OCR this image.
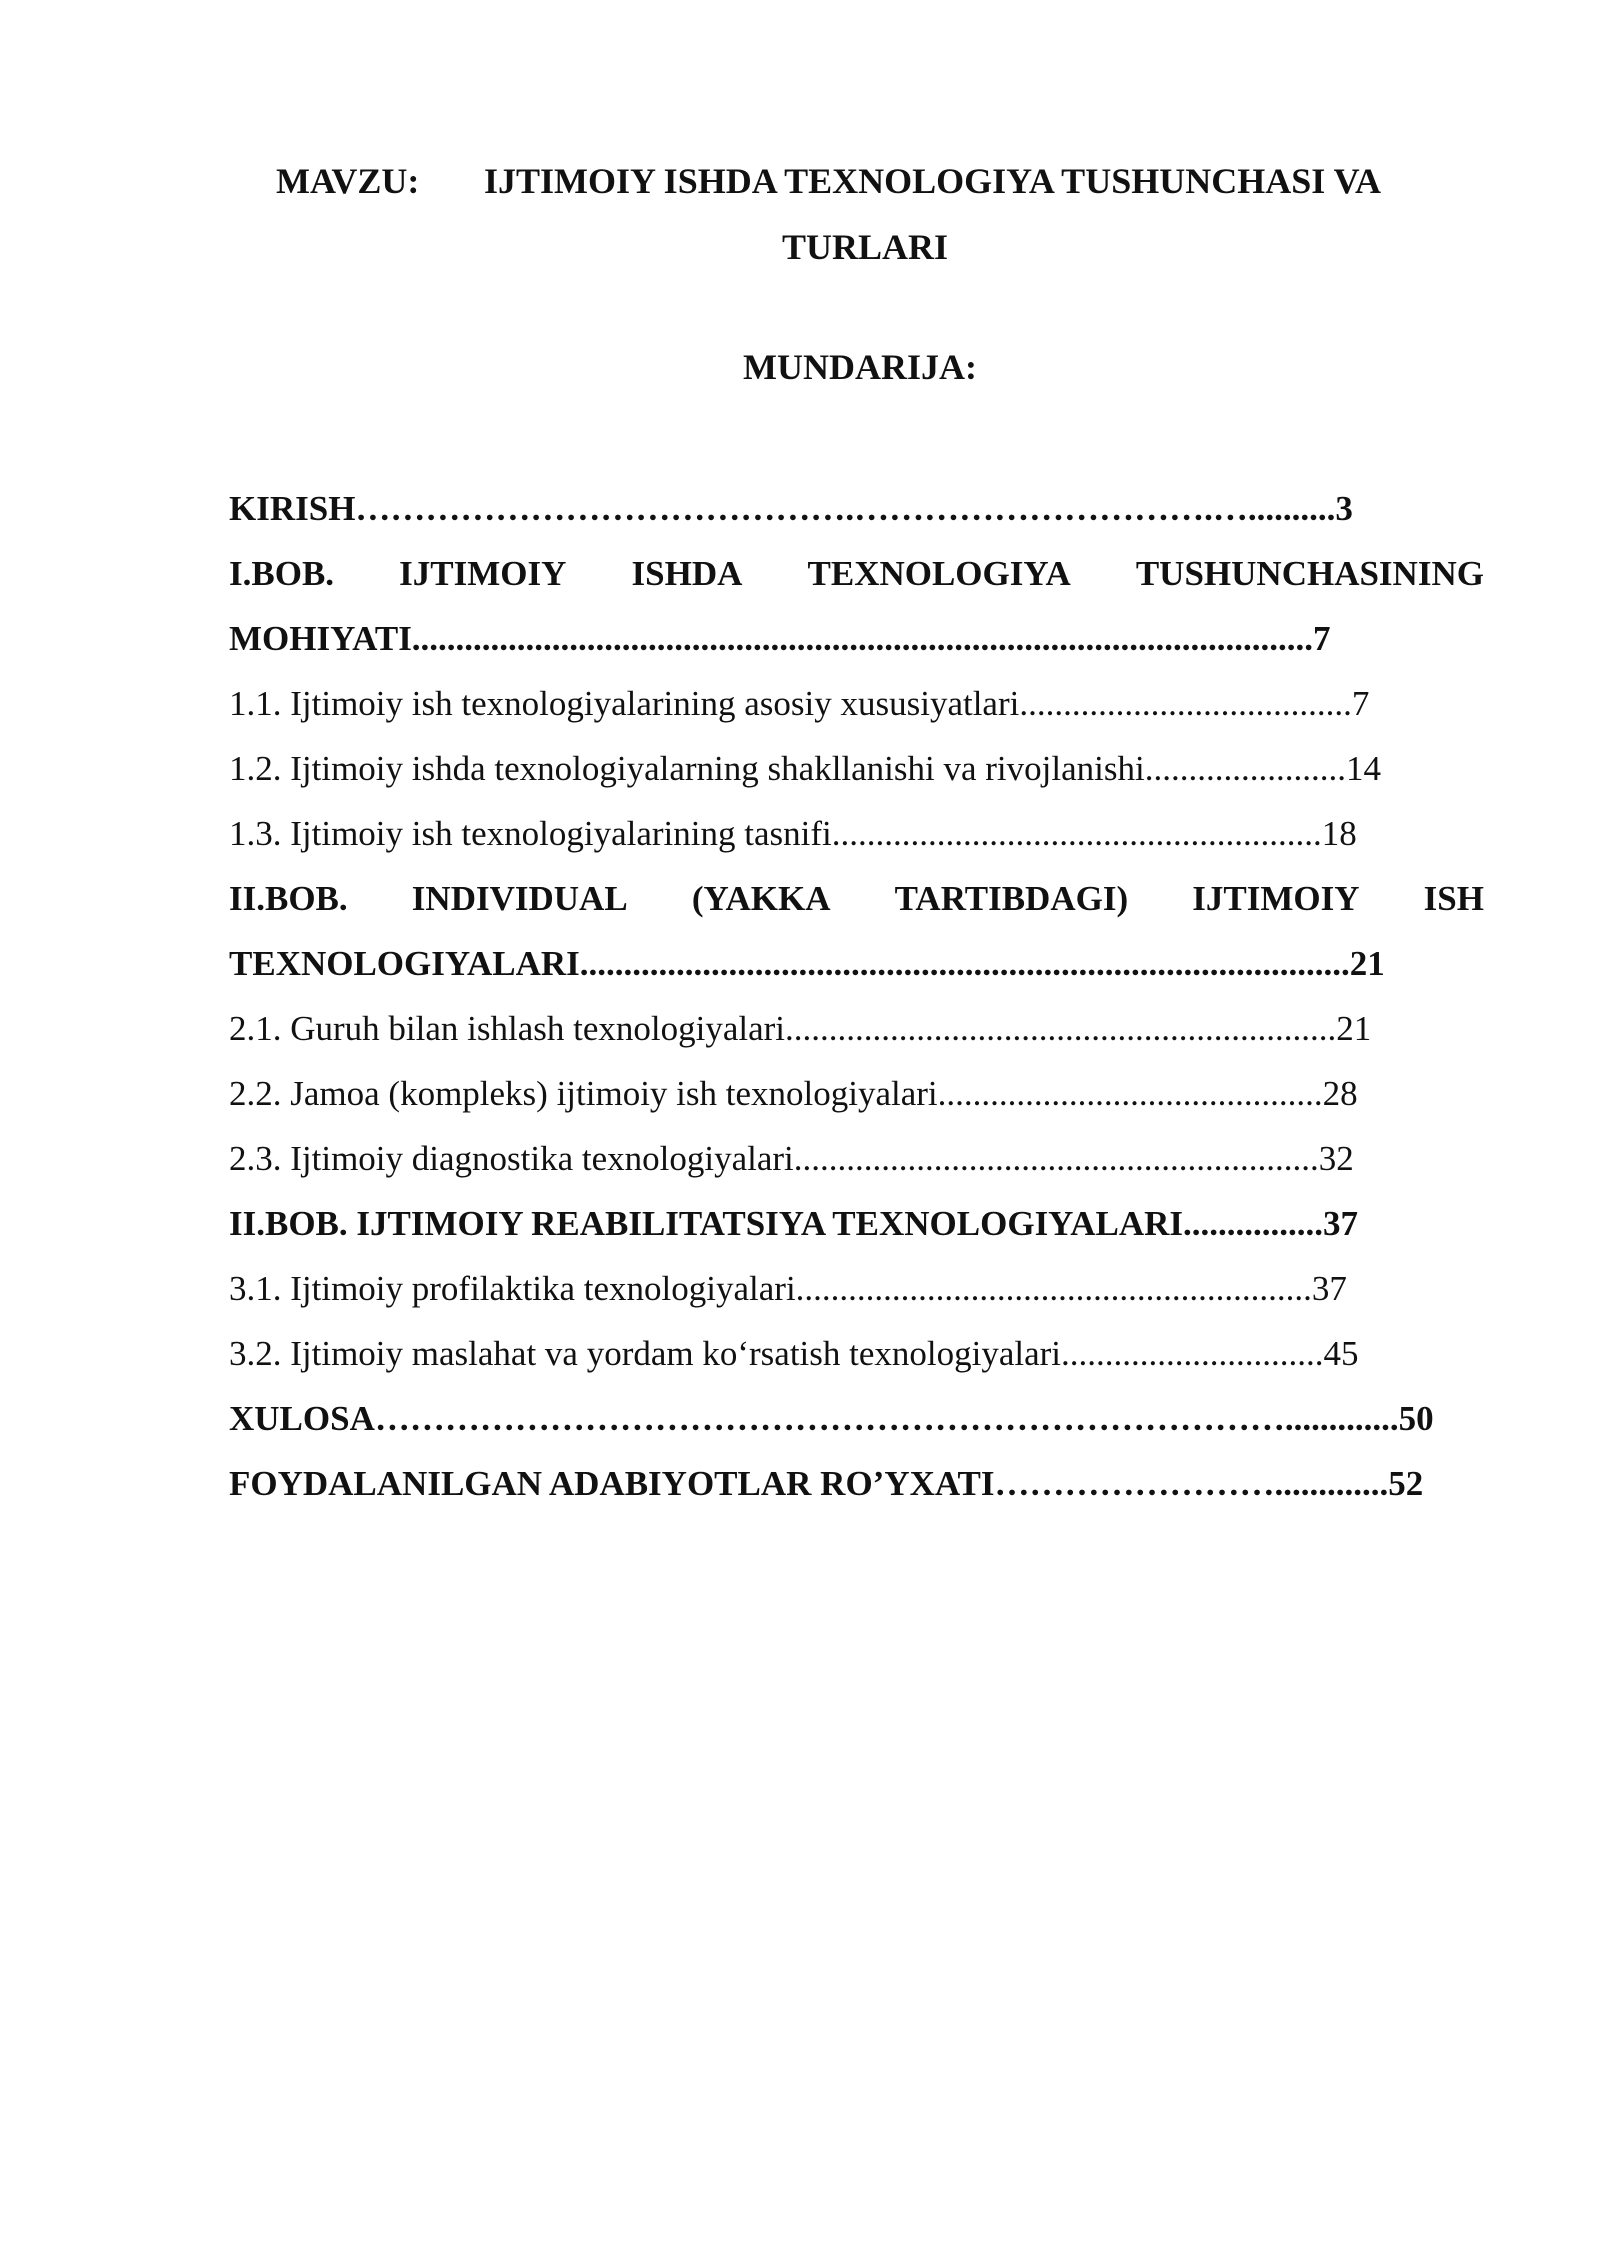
MAVZU: IJTIMOIY ISHDA TEXNOLOGIYA TUSHUNCHASI VA
TURLARI
MUNDARIJA:
KIRISH…………………………………….………………………….…..........3
I.BOB. IJTIMOIY ISHDA TEXNOLOGIYA TUSHUNCHASINING
MOHIYATI.......................................................................................................7
1.1. Ijtimoiy ish texnologiyalarining asosiy xususiyatlari......................................7
1.2. Ijtimoiy ishda texnologiyalarning shakllanishi va rivojlanishi.......................14
1.3. Ijtimoiy ish texnologiyalarining tasnifi........................................................18
II.BOB. INDIVIDUAL (YAKKA TARTIBDAGI) IJTIMOIY ISH
TEXNOLOGIYALARI........................................................................................21
2.1. Guruh bilan ishlash texnologiyalari...............................................................21
2.2. Jamoa (kompleks) ijtimoiy ish texnologiyalari............................................28
2.3. Ijtimoiy diagnostika texnologiyalari............................................................32
II.BOB. IJTIMOIY REABILITATSIYA TEXNOLOGIYALARI................37
3.1. Ijtimoiy profilaktika texnologiyalari...........................................................37
3.2. Ijtimoiy maslahat va yordam ko‘rsatish texnologiyalari..............................45
XULOSA…………………………………………………………………….............50
FOYDALANILGAN ADABIYOTLAR RO’YXATI…………………….............52
